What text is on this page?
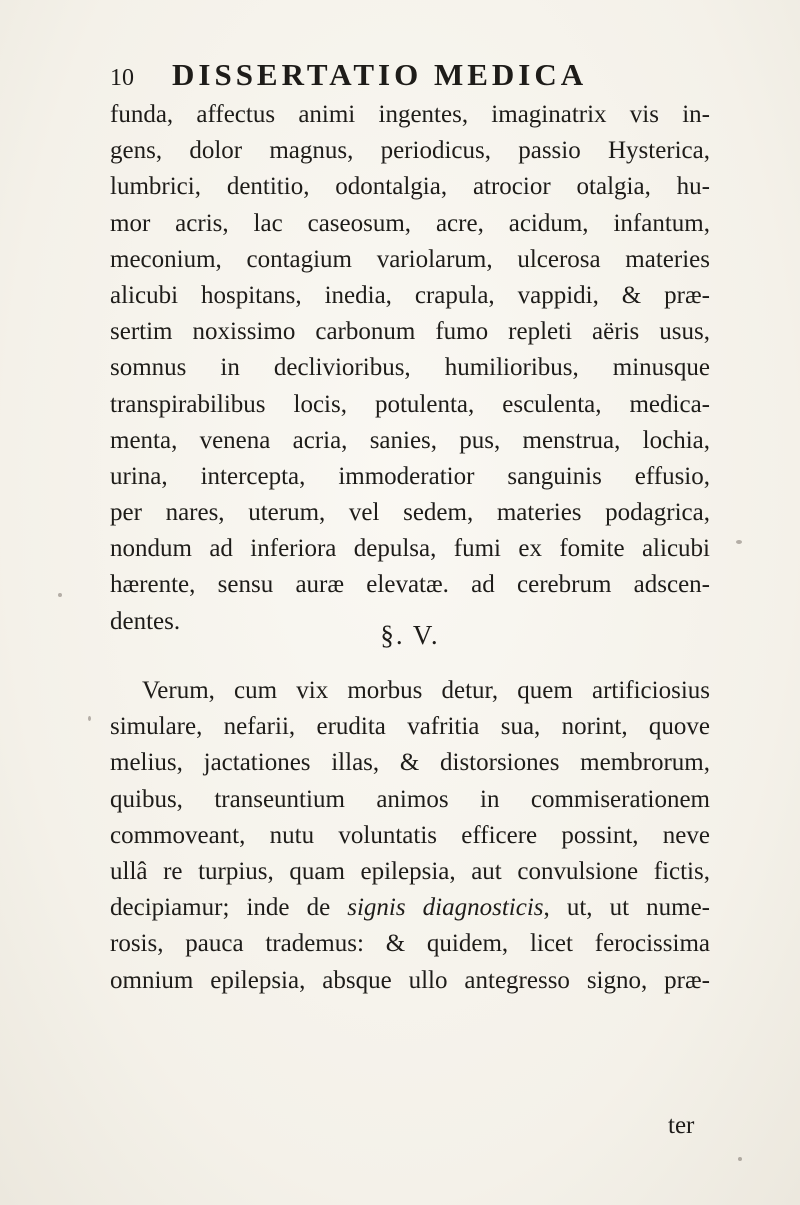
10 DISSERTATIO MEDICA
funda, affectus animi ingentes, imaginatrix vis in-
gens, dolor magnus, periodicus, passio Hysterica,
lumbrici, dentitio, odontalgia, atrocior otalgia, hu-
mor acris, lac caseosum, acre, acidum, infantum,
meconium, contagium variolarum, ulcerosa materies
alicubi hospitans, inedia, crapula, vappidi, & præ-
sertim noxissimo carbonum fumo repleti aëris usus,
somnus in declivioribus, humilioribus, minusque
transpirabilibus locis, potulenta, esculenta, medica-
menta, venena acria, sanies, pus, menstrua, lochia,
urina, intercepta, immoderatior sanguinis effusio,
per nares, uterum, vel sedem, materies podagrica,
nondum ad inferiora depulsa, fumi ex fomite alicubi
hærente, sensu auræ elevatæ. ad cerebrum adscen-
dentes.	§. V.
Verum, cum vix morbus detur, quem artificiosius
simulare, nefarii, erudita vafritia sua, norint, quove
melius, jactationes illas, & distorsiones membrorum,
quibus, transeuntium animos in commiserationem
commoveant, nutu voluntatis efficere possint, neve
ullâ re turpius, quam epilepsia, aut convulsione fictis,
decipiamur; inde de signis diagnosticis, ut, ut nume-
rosis, pauca trademus: & quidem, licet ferocissima
omnium epilepsia, absque ullo antegresso signo, præ-
ter
